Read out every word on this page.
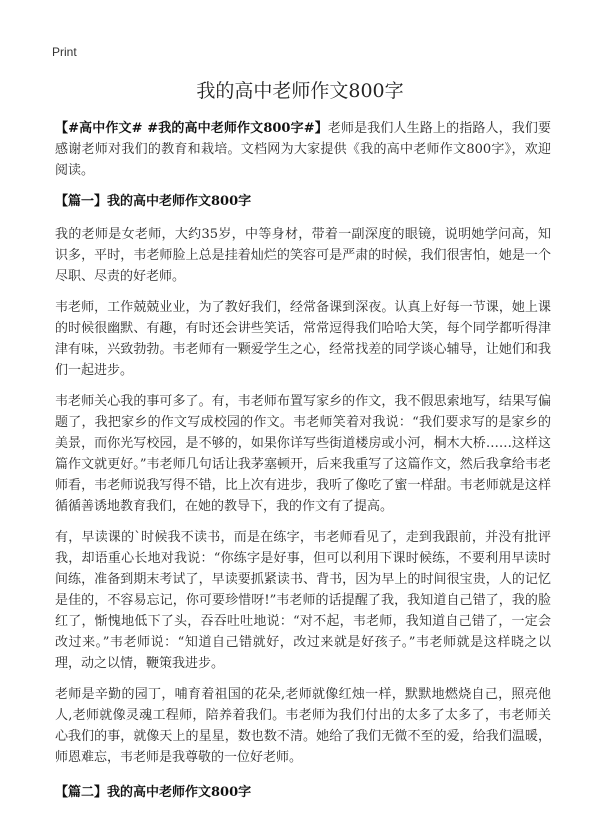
Print
我的高中老师作文800字

【#高中作文# #我的高中老师作文800字#】老师是我们人生路上的指路人，我们要感谢老师对我们的教育和栽培。文档网为大家提供《我的高中老师作文800字》，欢迎阅读。

【篇一】我的高中老师作文800字

我的老师是女老师，大约35岁，中等身材，带着一副深度的眼镜，说明她学问高，知识多，平时，韦老师脸上总是挂着灿烂的笑容可是严肃的时候，我们很害怕，她是一个尽职、尽责的好老师。

韦老师，工作兢兢业业，为了教好我们，经常备课到深夜。认真上好每一节课，她上课的时候很幽默、有趣，有时还会讲些笑话，常常逗得我们哈哈大笑，每个同学都听得津津有味，兴致勃勃。韦老师有一颗爱学生之心，经常找差的同学谈心辅导，让她们和我们一起进步。

韦老师关心我的事可多了。有，韦老师布置写家乡的作文，我不假思索地写，结果写偏题了，我把家乡的作文写成校园的作文。韦老师笑着对我说：“我们要求写的是家乡的美景，而你光写校园，是不够的，如果你详写些街道楼房或小河，桐木大桥……这样这篇作文就更好。”韦老师几句话让我茅塞顿开，后来我重写了这篇作文，然后我拿给韦老师看，韦老师说我写得不错，比上次有进步，我听了像吃了蜜一样甜。韦老师就是这样循循善诱地教育我们，在她的教导下，我的作文有了提高。

有，早读课的`时候我不读书，而是在练字，韦老师看见了，走到我跟前，并没有批评我，却语重心长地对我说：“你练字是好事，但可以利用下课时候练，不要利用早读时间练，准备到期末考试了，早读要抓紧读书、背书，因为早上的时间很宝贵，人的记忆是佳的，不容易忘记，你可要珍惜呀!”韦老师的话提醒了我，我知道自己错了，我的脸红了，惭愧地低下了头，吞吞吐吐地说：“对不起，韦老师，我知道自己错了，一定会改过来。”韦老师说：“知道自己错就好，改过来就是好孩子。”韦老师就是这样晓之以理，动之以情，鞭策我进步。

老师是辛勤的园丁，哺育着祖国的花朵,老师就像红烛一样，默默地燃烧自己，照亮他人,老师就像灵魂工程师，陪养着我们。韦老师为我们付出的太多了太多了，韦老师关心我们的事，就像天上的星星，数也数不清。她给了我们无微不至的爱，给我们温暖，师恩难忘，韦老师是我尊敬的一位好老师。

【篇二】我的高中老师作文800字
